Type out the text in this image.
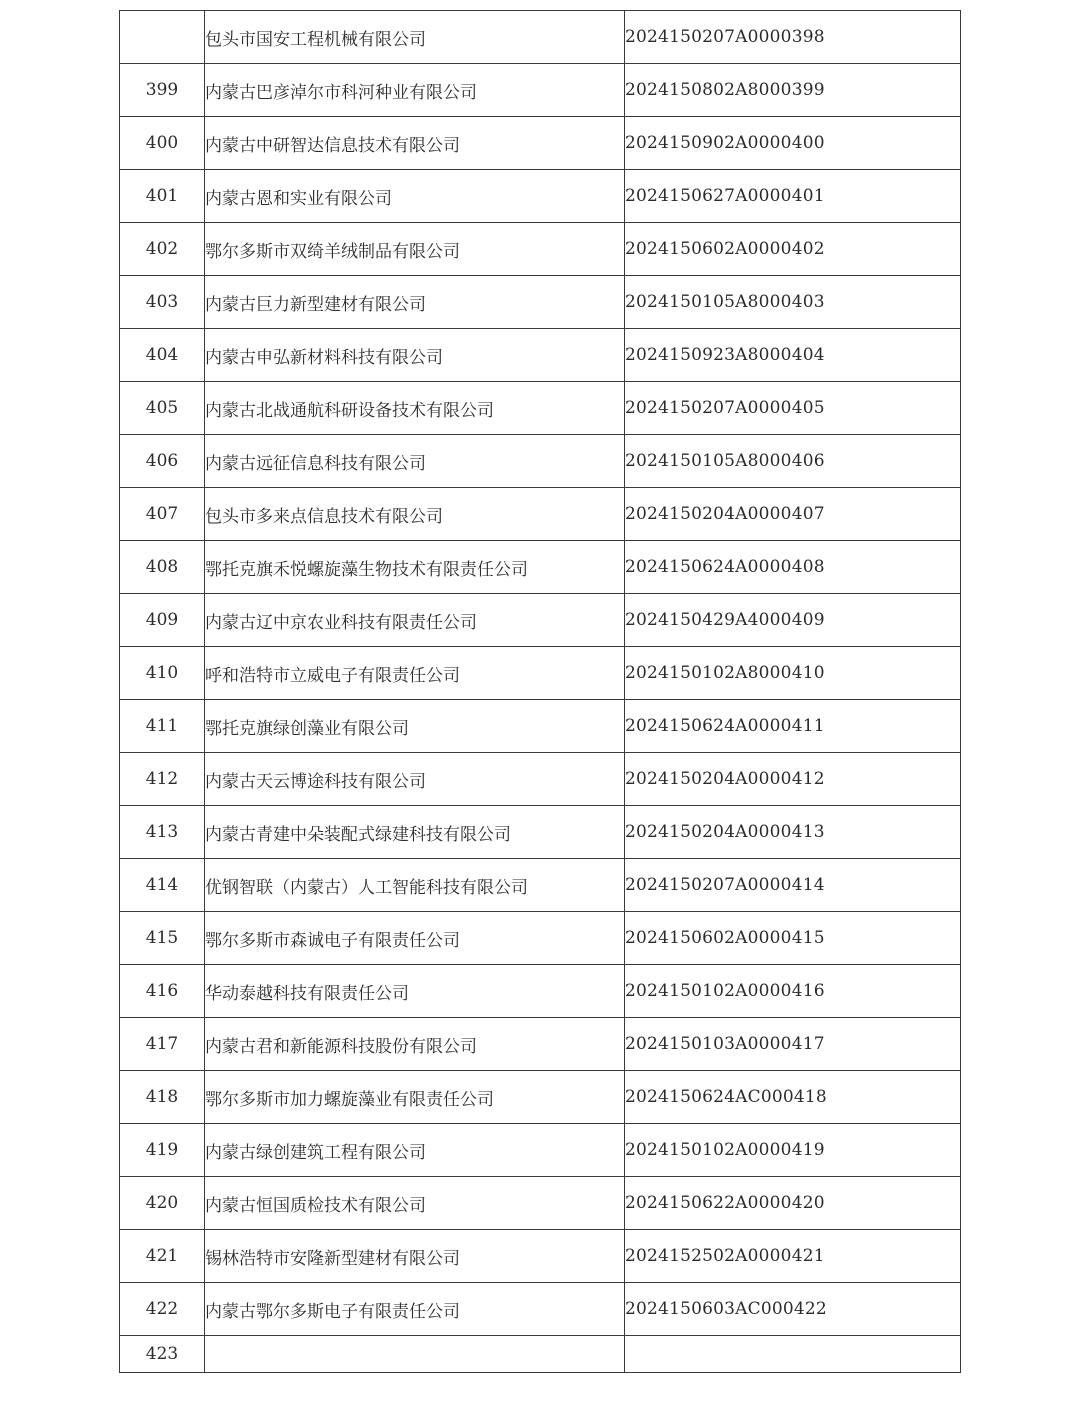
	包头市国安工程机械有限公司	2024150207A0000398
399	内蒙古巴彦淖尔市科河种业有限公司	2024150802A8000399
400	内蒙古中研智达信息技术有限公司	2024150902A0000400
401	内蒙古恩和实业有限公司	2024150627A0000401
402	鄂尔多斯市双绮羊绒制品有限公司	2024150602A0000402
403	内蒙古巨力新型建材有限公司	2024150105A8000403
404	内蒙古申弘新材料科技有限公司	2024150923A8000404
405	内蒙古北战通航科研设备技术有限公司	2024150207A0000405
406	内蒙古远征信息科技有限公司	2024150105A8000406
407	包头市多来点信息技术有限公司	2024150204A0000407
408	鄂托克旗禾悦螺旋藻生物技术有限责任公司	2024150624A0000408
409	内蒙古辽中京农业科技有限责任公司	2024150429A4000409
410	呼和浩特市立威电子有限责任公司	2024150102A8000410
411	鄂托克旗绿创藻业有限公司	2024150624A0000411
412	内蒙古天云博途科技有限公司	2024150204A0000412
413	内蒙古青建中朵装配式绿建科技有限公司	2024150204A0000413
414	优钢智联（内蒙古）人工智能科技有限公司	2024150207A0000414
415	鄂尔多斯市森诚电子有限责任公司	2024150602A0000415
416	华动泰越科技有限责任公司	2024150102A0000416
417	内蒙古君和新能源科技股份有限公司	2024150103A0000417
418	鄂尔多斯市加力螺旋藻业有限责任公司	2024150624AC000418
419	内蒙古绿创建筑工程有限公司	2024150102A0000419
420	内蒙古恒国质检技术有限公司	2024150622A0000420
421	锡林浩特市安隆新型建材有限公司	2024152502A0000421
422	内蒙古鄂尔多斯电子有限责任公司	2024150603AC000422
423		
